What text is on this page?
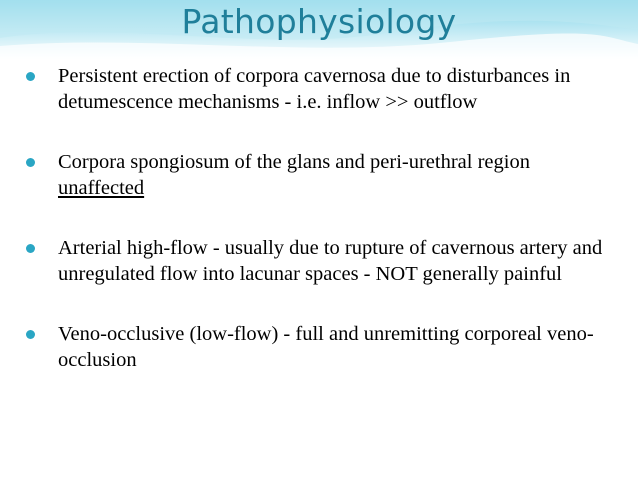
Pathophysiology
Persistent erection of corpora cavernosa due to disturbances in detumescence mechanisms - i.e. inflow >> outflow
Corpora spongiosum of the glans and peri-urethral region unaffected
Arterial high-flow - usually due to rupture of cavernous artery and unregulated flow into lacunar spaces - NOT generally painful
Veno-occlusive (low-flow) - full and unremitting corporeal veno-occlusion
